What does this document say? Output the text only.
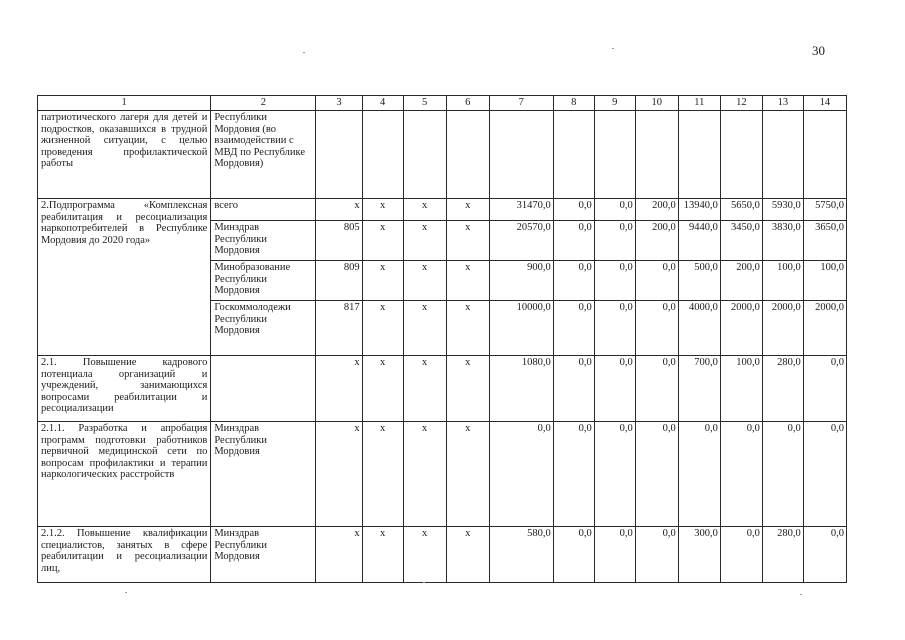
30
1	2	3	4	5	6	7	8	9	10	11	12	13	14
патриотического лагеря для детей и подростков, оказавшихся в трудной жизненной ситуации, с целью проведения профилактической работы	Республики Мордовия (во взаимодействии с МВД по Республике Мордовия)												
2.Подпрограмма «Комплексная реабилитация и ресоциализация наркопотребителей в Республике Мордовия до 2020 года»	всего	х	х	х	х	31470,0	0,0	0,0	200,0	13940,0	5650,0	5930,0	5750,0
	Минздрав Республики Мордовия	805	х	х	х	20570,0	0,0	0,0	200,0	9440,0	3450,0	3830,0	3650,0
	Минобразование Республики Мордовия	809	х	х	х	900,0	0,0	0,0	0,0	500,0	200,0	100,0	100,0
	Госкоммолодежи Республики Мордовия	817	х	х	х	10000,0	0,0	0,0	0,0	4000,0	2000,0	2000,0	2000,0
2.1. Повышение кадрового потенциала организаций и учреждений, занимающихся вопросами реабилитации и ресоциализации		х	х	х	х	1080,0	0,0	0,0	0,0	700,0	100,0	280,0	0,0
2.1.1. Разработка и апробация программ подготовки работников первичной медицинской сети по вопросам профилактики и терапии наркологических расстройств	Минздрав Республики Мордовия	х	х	х	х	0,0	0,0	0,0	0,0	0,0	0,0	0,0	0,0
2.1.2. Повышение квалификации специалистов, занятых в сфере реабилитации и ресоциализации лиц,	Минздрав Республики Мордовия	х	х	х	х	580,0	0,0	0,0	0,0	300,0	0,0	280,0	0,0
